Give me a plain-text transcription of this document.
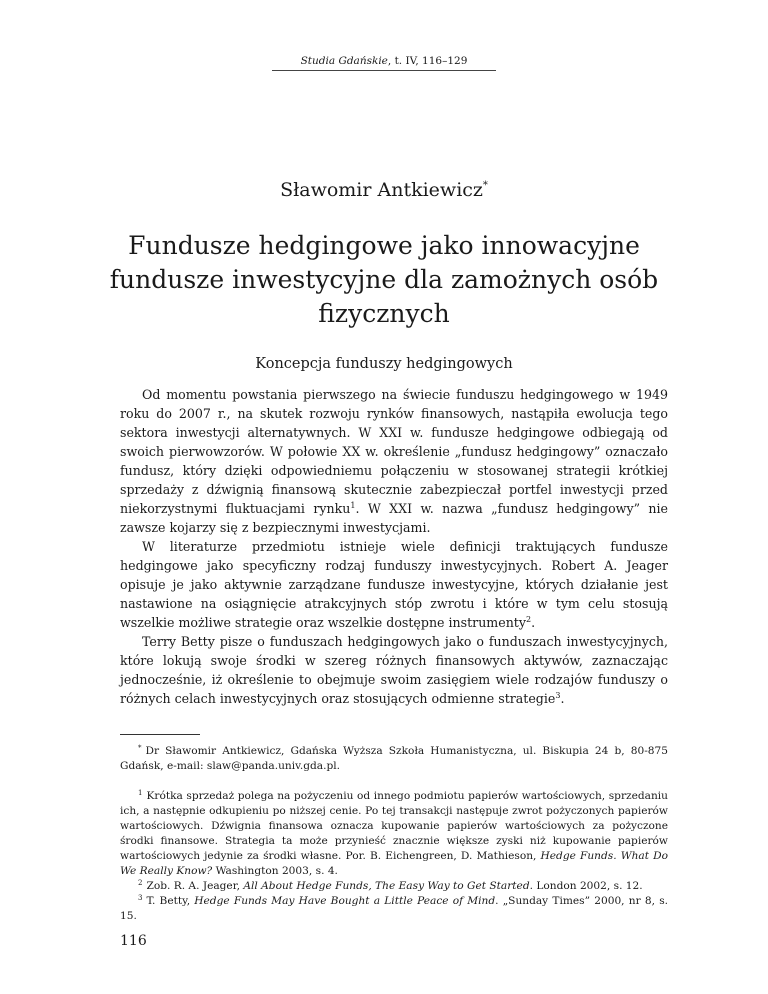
Studia Gdańskie, t. IV, 116–129
Sławomir Antkiewicz*
Fundusze hedgingowe jako innowacyjne fundusze inwestycyjne dla zamożnych osób fizycznych
Koncepcja funduszy hedgingowych

Od momentu powstania pierwszego na świecie funduszu hedgingowego w 1949 roku do 2007 r., na skutek rozwoju rynków finansowych, nastąpiła ewolucja tego sektora inwestycji alternatywnych. W XXI w. fundusze hedgingowe odbiegają od swoich pierwowzorów. W połowie XX w. określenie „fundusz hedgingowy” oznaczało fundusz, który dzięki odpowiedniemu połączeniu w stosowanej strategii krótkiej sprzedaży z dźwignią finansową skutecznie zabezpieczał portfel inwestycji przed niekorzystnymi fluktuacjami rynku$^1$. W XXI w. nazwa „fundusz hedgingowy” nie zawsze kojarzy się z bezpiecznymi inwestycjami.

W literaturze przedmiotu istnieje wiele definicji traktujących fundusze hedgingowe jako specyficzny rodzaj funduszy inwestycyjnych. Robert A. Jeager opisuje je jako aktywnie zarządzane fundusze inwestycyjne, których działanie jest nastawione na osiągnięcie atrakcyjnych stóp zwrotu i które w tym celu stosują wszelkie możliwe strategie oraz wszelkie dostępne instrumenty$^2$.

Terry Betty pisze o funduszach hedgingowych jako o funduszach inwestycyjnych, które lokują swoje środki w szereg różnych finansowych aktywów, zaznaczając jednocześnie, iż określenie to obejmuje swoim zasięgiem wiele rodzajów funduszy o różnych celach inwestycyjnych oraz stosujących odmienne strategie$^3$.

* Dr Sławomir Antkiewicz, Gdańska Wyższa Szkoła Humanistyczna, ul. Biskupia 24 b, 80-875 Gdańsk, e-mail: slaw@panda.univ.gda.pl.

$^1$ Krótka sprzedaż polega na pożyczeniu od innego podmiotu papierów wartościowych, sprzedaniu ich, a następnie odkupieniu po niższej cenie. Po tej transakcji następuje zwrot pożyczonych papierów wartościowych. Dźwignia finansowa oznacza kupowanie papierów wartościowych za pożyczone środki finansowe. Strategia ta może przynieść znacznie większe zyski niż kupowanie papierów wartościowych jedynie za środki własne. Por. B. Eichengreen, D. Mathieson, Hedge Funds. What Do We Really Know? Washington 2003, s. 4.

$^2$ Zob. R. A. Jeager, All About Hedge Funds, The Easy Way to Get Started. London 2002, s. 12.

$^3$ T. Betty, Hedge Funds May Have Bought a Little Peace of Mind. „Sunday Times” 2000, nr 8, s. 15.

116
